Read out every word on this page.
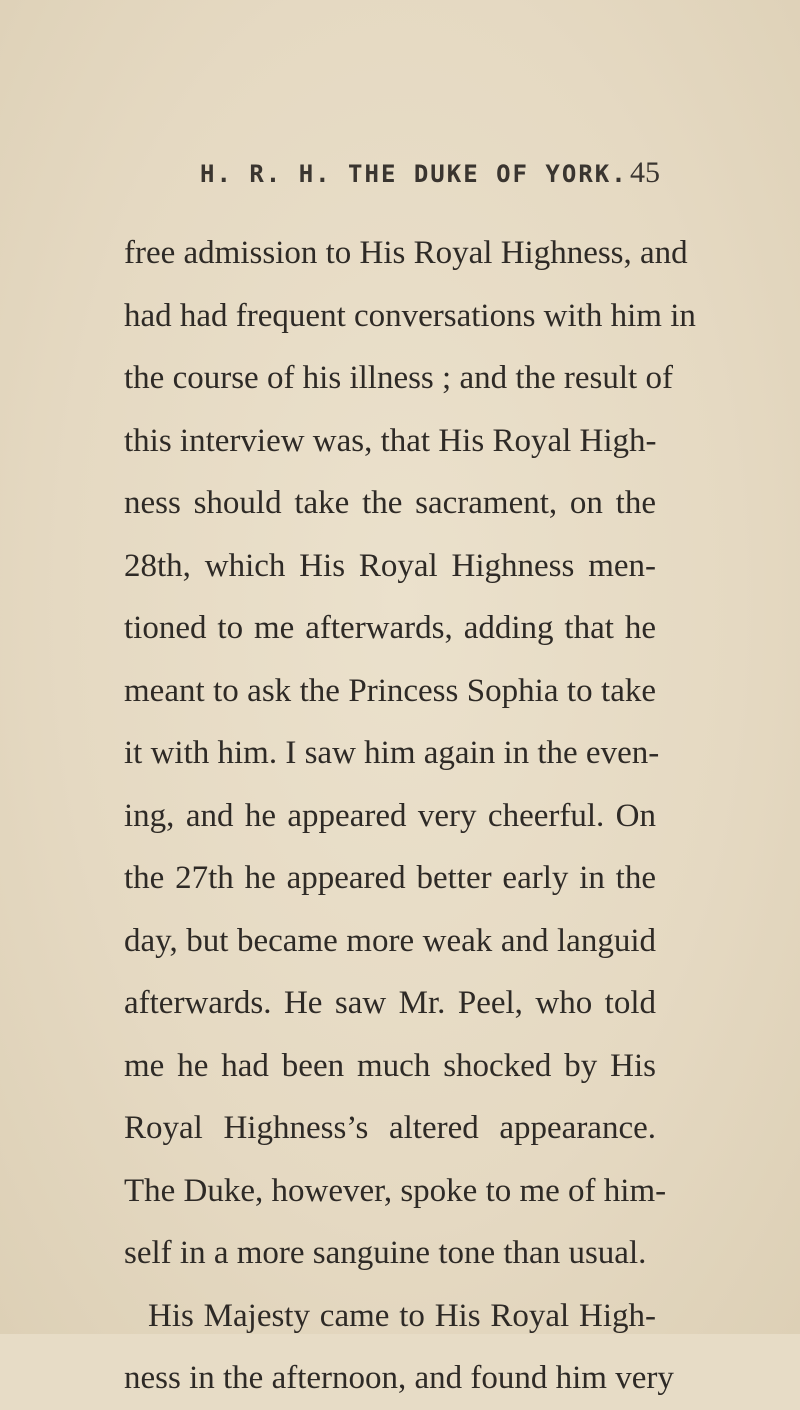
H. R. H. THE DUKE OF YORK. 45
free admission to His Royal Highness, and
had had frequent conversations with him in
the course of his illness ; and the result of
this interview was, that His Royal High-
ness should take the sacrament, on the
28th, which His Royal Highness men-
tioned to me afterwards, adding that he
meant to ask the Princess Sophia to take
it with him. I saw him again in the even-
ing, and he appeared very cheerful. On
the 27th he appeared better early in the
day, but became more weak and languid
afterwards. He saw Mr. Peel, who told
me he had been much shocked by His
Royal Highness’s altered appearance.
The Duke, however, spoke to me of him-
self in a more sanguine tone than usual.
His Majesty came to His Royal High-
ness in the afternoon, and found him very
